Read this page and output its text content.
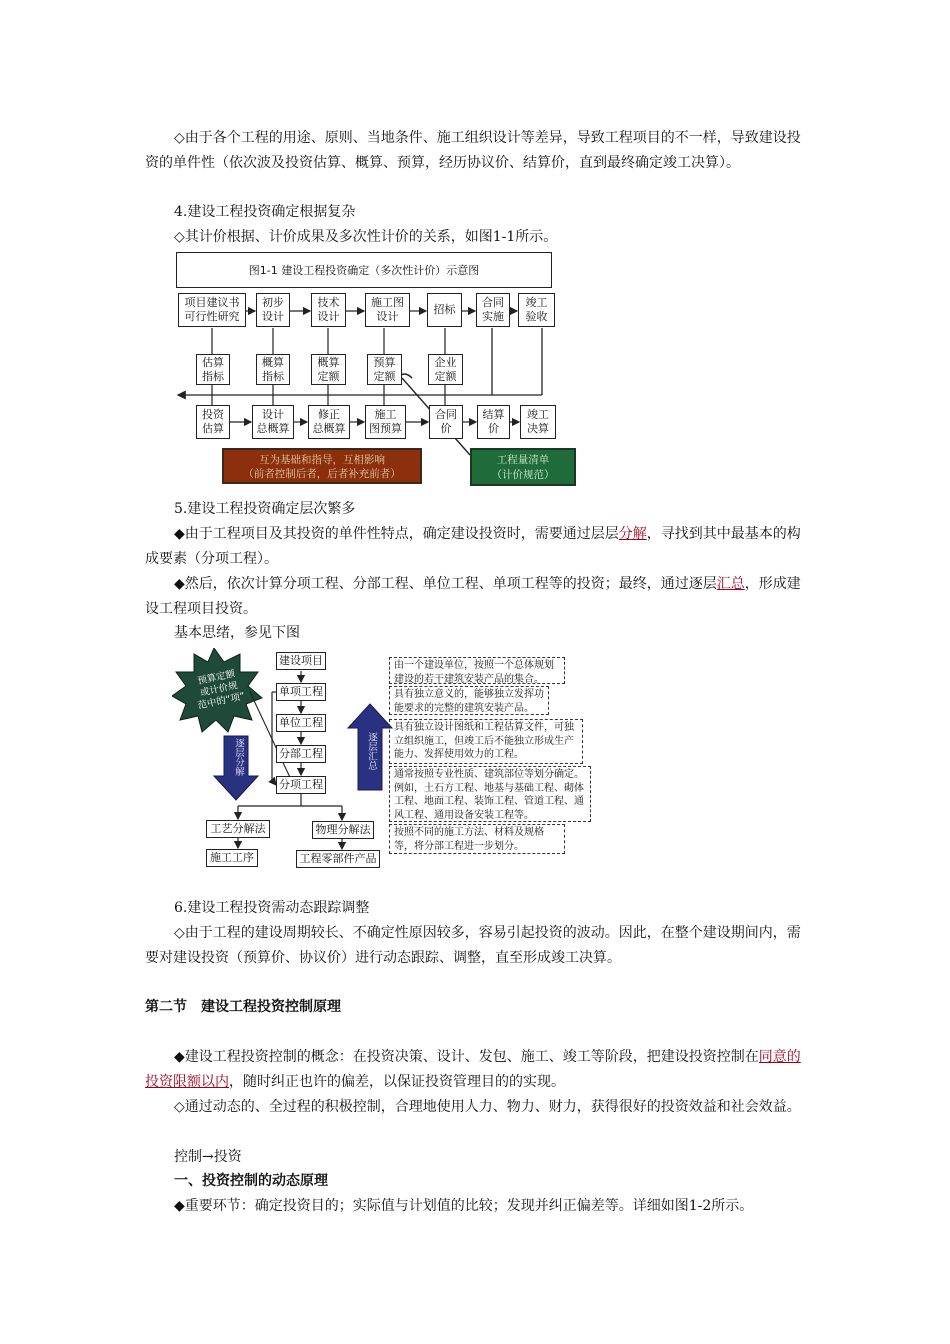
◇由于各个工程的用途、原则、当地条件、施工组织设计等差异，导致工程项目的不一样，导致建设投资的单件性（依次波及投资估算、概算、预算，经历协议价、结算价，直到最终确定竣工决算）。

4.建设工程投资确定根据复杂

◇其计价根据、计价成果及多次性计价的关系，如图1-1所示。

图1-1 建设工程投资确定（多次性计价）示意图
项目建议书
可行性研究
初步
设计
技术
设计
施工图
设计
招标
合同
实施
竣工
验收
估算
指标
概算
指标
概算
定额
预算
定额
企业
定额
投资
估算
设计
总概算
修正
总概算
施工
图预算
合同
价
结算
价
竣工
决算
互为基础和指导，互相影响
（前者控制后者，后者补充前者）
工程量清单
（计价规范）

5.建设工程投资确定层次繁多

◆由于工程项目及其投资的单件性特点，确定建设投资时，需要通过层层分解，寻找到其中最基本的构成要素（分项工程）。

◆然后，依次计算分项工程、分部工程、单位工程、单项工程等的投资；最终，通过逐层汇总，形成建设工程项目投资。

基本思绪，参见下图

预算定额
或计价规
范中的“项”
逐层分解	逐层汇总
建设项目
单项工程
单位工程
分部工程
分项工程
工艺分解法	物理分解法
施工工序	工程零部件产品
由一个建设单位，按照一个总体规划建设的若干建筑安装产品的集合。
具有独立意义的，能够独立发挥功能要求的完整的建筑安装产品。
具有独立设计图纸和工程估算文件，可独立组织施工，但竣工后不能独立形成生产能力、发挥使用效力的工程。
通常按照专业性质、建筑部位等划分确定。例如，土石方工程、地基与基础工程、砌体工程、地面工程、装饰工程、管道工程、通风工程、通用设备安装工程等。
按照不同的施工方法、材料及规格等，将分部工程进一步划分。

6.建设工程投资需动态跟踪调整

◇由于工程的建设周期较长、不确定性原因较多，容易引起投资的波动。因此，在整个建设期间内，需要对建设投资（预算价、协议价）进行动态跟踪、调整，直至形成竣工决算。

第二节　建设工程投资控制原理

◆建设工程投资控制的概念：在投资决策、设计、发包、施工、竣工等阶段，把建设投资控制在同意的投资限额以内，随时纠正也许的偏差，以保证投资管理目的的实现。

◇通过动态的、全过程的积极控制，合理地使用人力、物力、财力，获得很好的投资效益和社会效益。

控制→投资

一、投资控制的动态原理

◆重要环节：确定投资目的；实际值与计划值的比较；发现并纠正偏差等。详细如图1-2所示。
